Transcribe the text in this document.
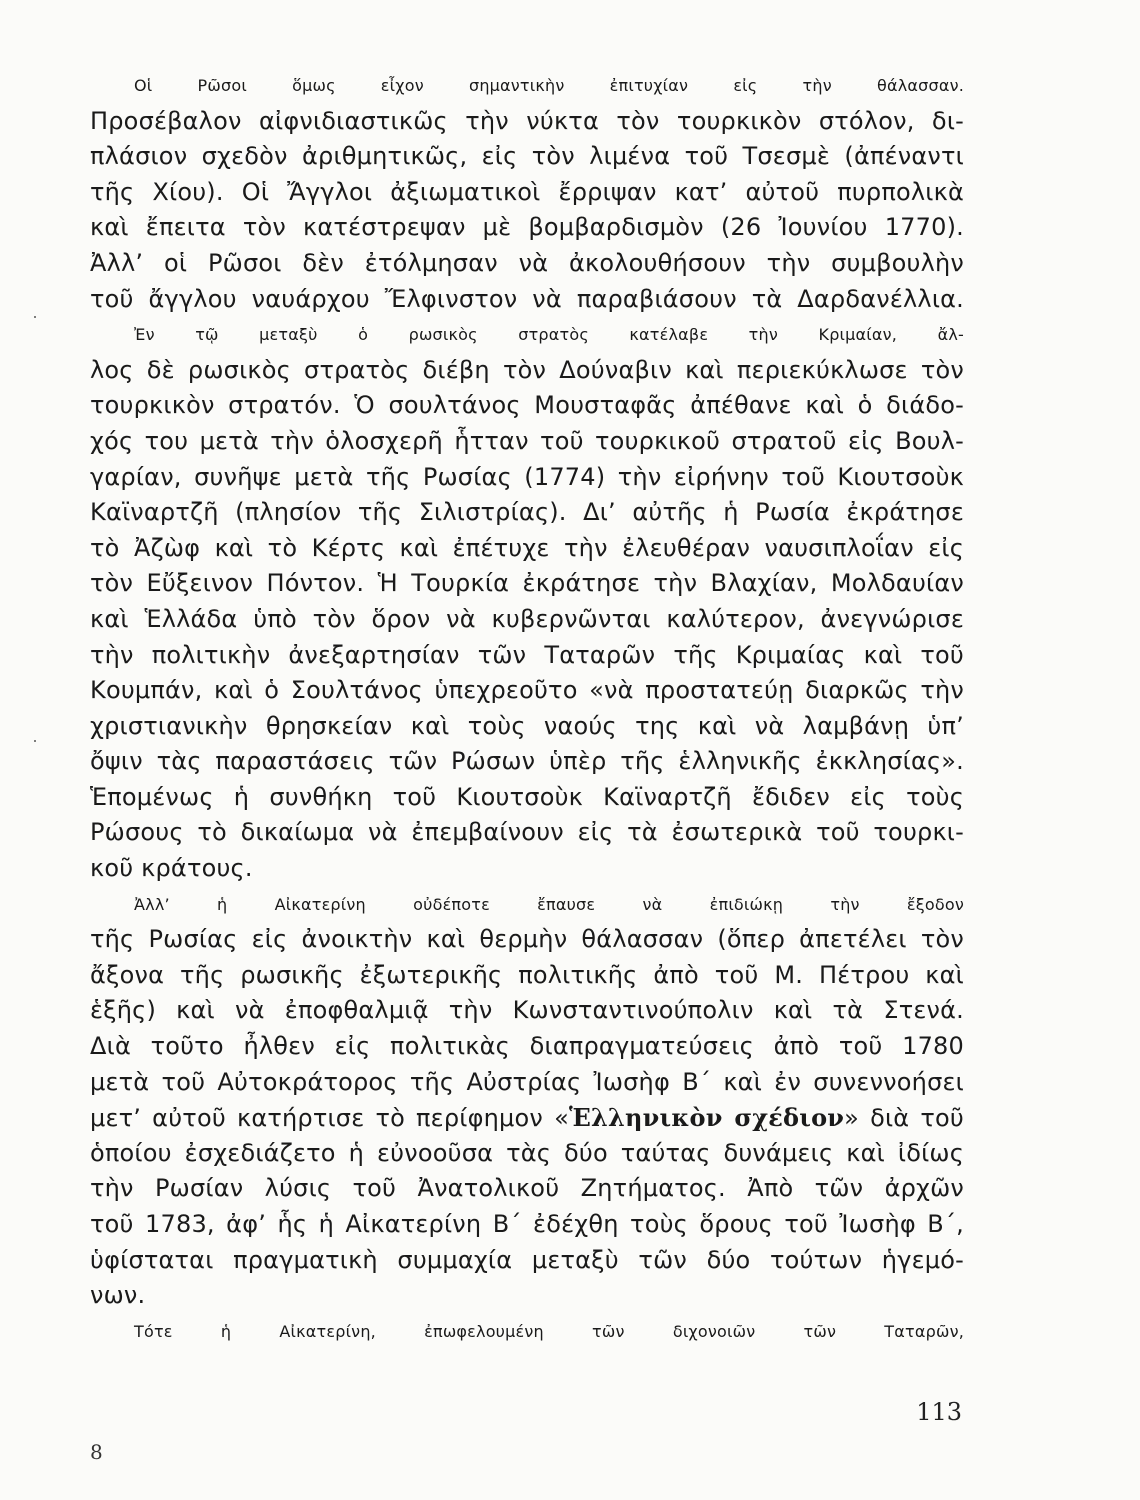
Οἱ Ρῶσοι ὅμως εἶχον σημαντικὴν ἐπιτυχίαν εἰς τὴν θάλασσαν.
Προσέβαλον αἰφνιδιαστικῶς τὴν νύκτα τὸν τουρκικὸν στόλον, δι-
πλάσιον σχεδὸν ἀριθμητικῶς, εἰς τὸν λιμένα τοῦ Τσεσμὲ (ἀπέναντι
τῆς Χίου). Οἱ Ἄγγλοι ἀξιωματικοὶ ἔρριψαν κατ’ αὐτοῦ πυρπολικὰ
καὶ ἔπειτα τὸν κατέστρεψαν μὲ βομβαρδισμὸν (26 Ἰουνίου 1770).
Ἀλλ’ οἱ Ρῶσοι δὲν ἐτόλμησαν νὰ ἀκολουθήσουν τὴν συμβουλὴν
τοῦ ἄγγλου ναυάρχου Ἔλφινστον νὰ παραβιάσουν τὰ Δαρδανέλλια.
Ἐν τῷ μεταξὺ ὁ ρωσικὸς στρατὸς κατέλαβε τὴν Κριμαίαν, ἄλ-
λος δὲ ρωσικὸς στρατὸς διέβη τὸν Δούναβιν καὶ περιεκύκλωσε τὸν
τουρκικὸν στρατόν. Ὁ σουλτάνος Μουσταφᾶς ἀπέθανε καὶ ὁ διάδο-
χός του μετὰ τὴν ὁλοσχερῆ ἧτταν τοῦ τουρκικοῦ στρατοῦ εἰς Βουλ-
γαρίαν, συνῆψε μετὰ τῆς Ρωσίας (1774) τὴν εἰρήνην τοῦ Κιουτσοὺκ
Καϊναρτζῆ (πλησίον τῆς Σιλιστρίας). Δι’ αὐτῆς ἡ Ρωσία ἐκράτησε
τὸ Ἀζὼφ καὶ τὸ Κέρτς καὶ ἐπέτυχε τὴν ἐλευθέραν ναυσιπλοΐαν εἰς
τὸν Εὔξεινον Πόντον. Ἡ Τουρκία ἐκράτησε τὴν Βλαχίαν, Μολδαυίαν
καὶ Ἑλλάδα ὑπὸ τὸν ὅρον νὰ κυβερνῶνται καλύτερον, ἀνεγνώρισε
τὴν πολιτικὴν ἀνεξαρτησίαν τῶν Ταταρῶν τῆς Κριμαίας καὶ τοῦ
Κουμπάν, καὶ ὁ Σουλτάνος ὑπεχρεοῦτο «νὰ προστατεύῃ διαρκῶς τὴν
χριστιανικὴν θρησκείαν καὶ τοὺς ναούς της καὶ νὰ λαμβάνῃ ὑπ’
ὄψιν τὰς παραστάσεις τῶν Ρώσων ὑπὲρ τῆς ἑλληνικῆς ἐκκλησίας».
Ἑπομένως ἡ συνθήκη τοῦ Κιουτσοὺκ Καϊναρτζῆ ἔδιδεν εἰς τοὺς
Ρώσους τὸ δικαίωμα νὰ ἐπεμβαίνουν εἰς τὰ ἐσωτερικὰ τοῦ τουρκι-
κοῦ κράτους.
Ἀλλ’ ἡ Αἰκατερίνη οὐδέποτε ἔπαυσε νὰ ἐπιδιώκῃ τὴν ἔξοδον
τῆς Ρωσίας εἰς ἀνοικτὴν καὶ θερμὴν θάλασσαν (ὅπερ ἀπετέλει τὸν
ἄξονα τῆς ρωσικῆς ἐξωτερικῆς πολιτικῆς ἀπὸ τοῦ Μ. Πέτρου καὶ
ἑξῆς) καὶ νὰ ἐποφθαλμιᾷ τὴν Κωνσταντινούπολιν καὶ τὰ Στενά.
Διὰ τοῦτο ἦλθεν εἰς πολιτικὰς διαπραγματεύσεις ἀπὸ τοῦ 1780
μετὰ τοῦ Αὐτοκράτορος τῆς Αὐστρίας Ἰωσὴφ Β΄ καὶ ἐν συνεννοήσει
μετ’ αὐτοῦ κατήρτισε τὸ περίφημον «Ἑλληνικὸν σχέδιον» διὰ τοῦ
ὁποίου ἐσχεδιάζετο ἡ εὐνοοῦσα τὰς δύο ταύτας δυνάμεις καὶ ἰδίως
τὴν Ρωσίαν λύσις τοῦ Ἀνατολικοῦ Ζητήματος. Ἀπὸ τῶν ἀρχῶν
τοῦ 1783, ἀφ’ ἧς ἡ Αἰκατερίνη Β΄ ἐδέχθη τοὺς ὅρους τοῦ Ἰωσὴφ Β΄,
ὑφίσταται πραγματικὴ συμμαχία μεταξὺ τῶν δύο τούτων ἡγεμό-
νων.
Τότε ἡ Αἰκατερίνη, ἐπωφελουμένη τῶν διχονοιῶν τῶν Ταταρῶν,
113
8
